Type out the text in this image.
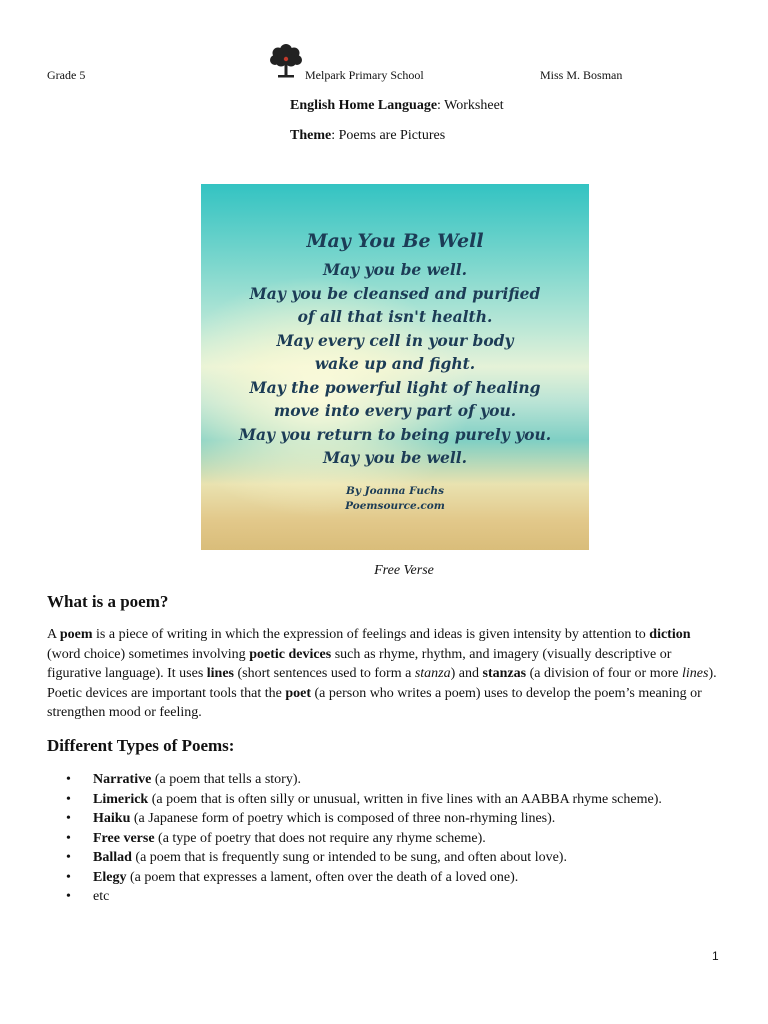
Grade 5	Melpark Primary School	Miss M. Bosman
English Home Language: Worksheet
Theme: Poems are Pictures
May You Be Well
May you be well.
May you be cleansed and purified
of all that isn't health.
May every cell in your body
wake up and fight.
May the powerful light of healing
move into every part of you.
May you return to being purely you.
May you be well.
By Joanna Fuchs
Poemsource.com
Free Verse
What is a poem?
A poem is a piece of writing in which the expression of feelings and ideas is given intensity by attention to diction (word choice) sometimes involving poetic devices such as rhyme, rhythm, and imagery (visually descriptive or figurative language). It uses lines (short sentences used to form a stanza) and stanzas (a division of four or more lines). Poetic devices are important tools that the poet (a person who writes a poem) uses to develop the poem’s meaning or strengthen mood or feeling.
Different Types of Poems:
• Narrative (a poem that tells a story).
• Limerick (a poem that is often silly or unusual, written in five lines with an AABBA rhyme scheme).
• Haiku (a Japanese form of poetry which is composed of three non-rhyming lines).
• Free verse (a type of poetry that does not require any rhyme scheme).
• Ballad (a poem that is frequently sung or intended to be sung, and often about love).
• Elegy (a poem that expresses a lament, often over the death of a loved one).
• etc
1
